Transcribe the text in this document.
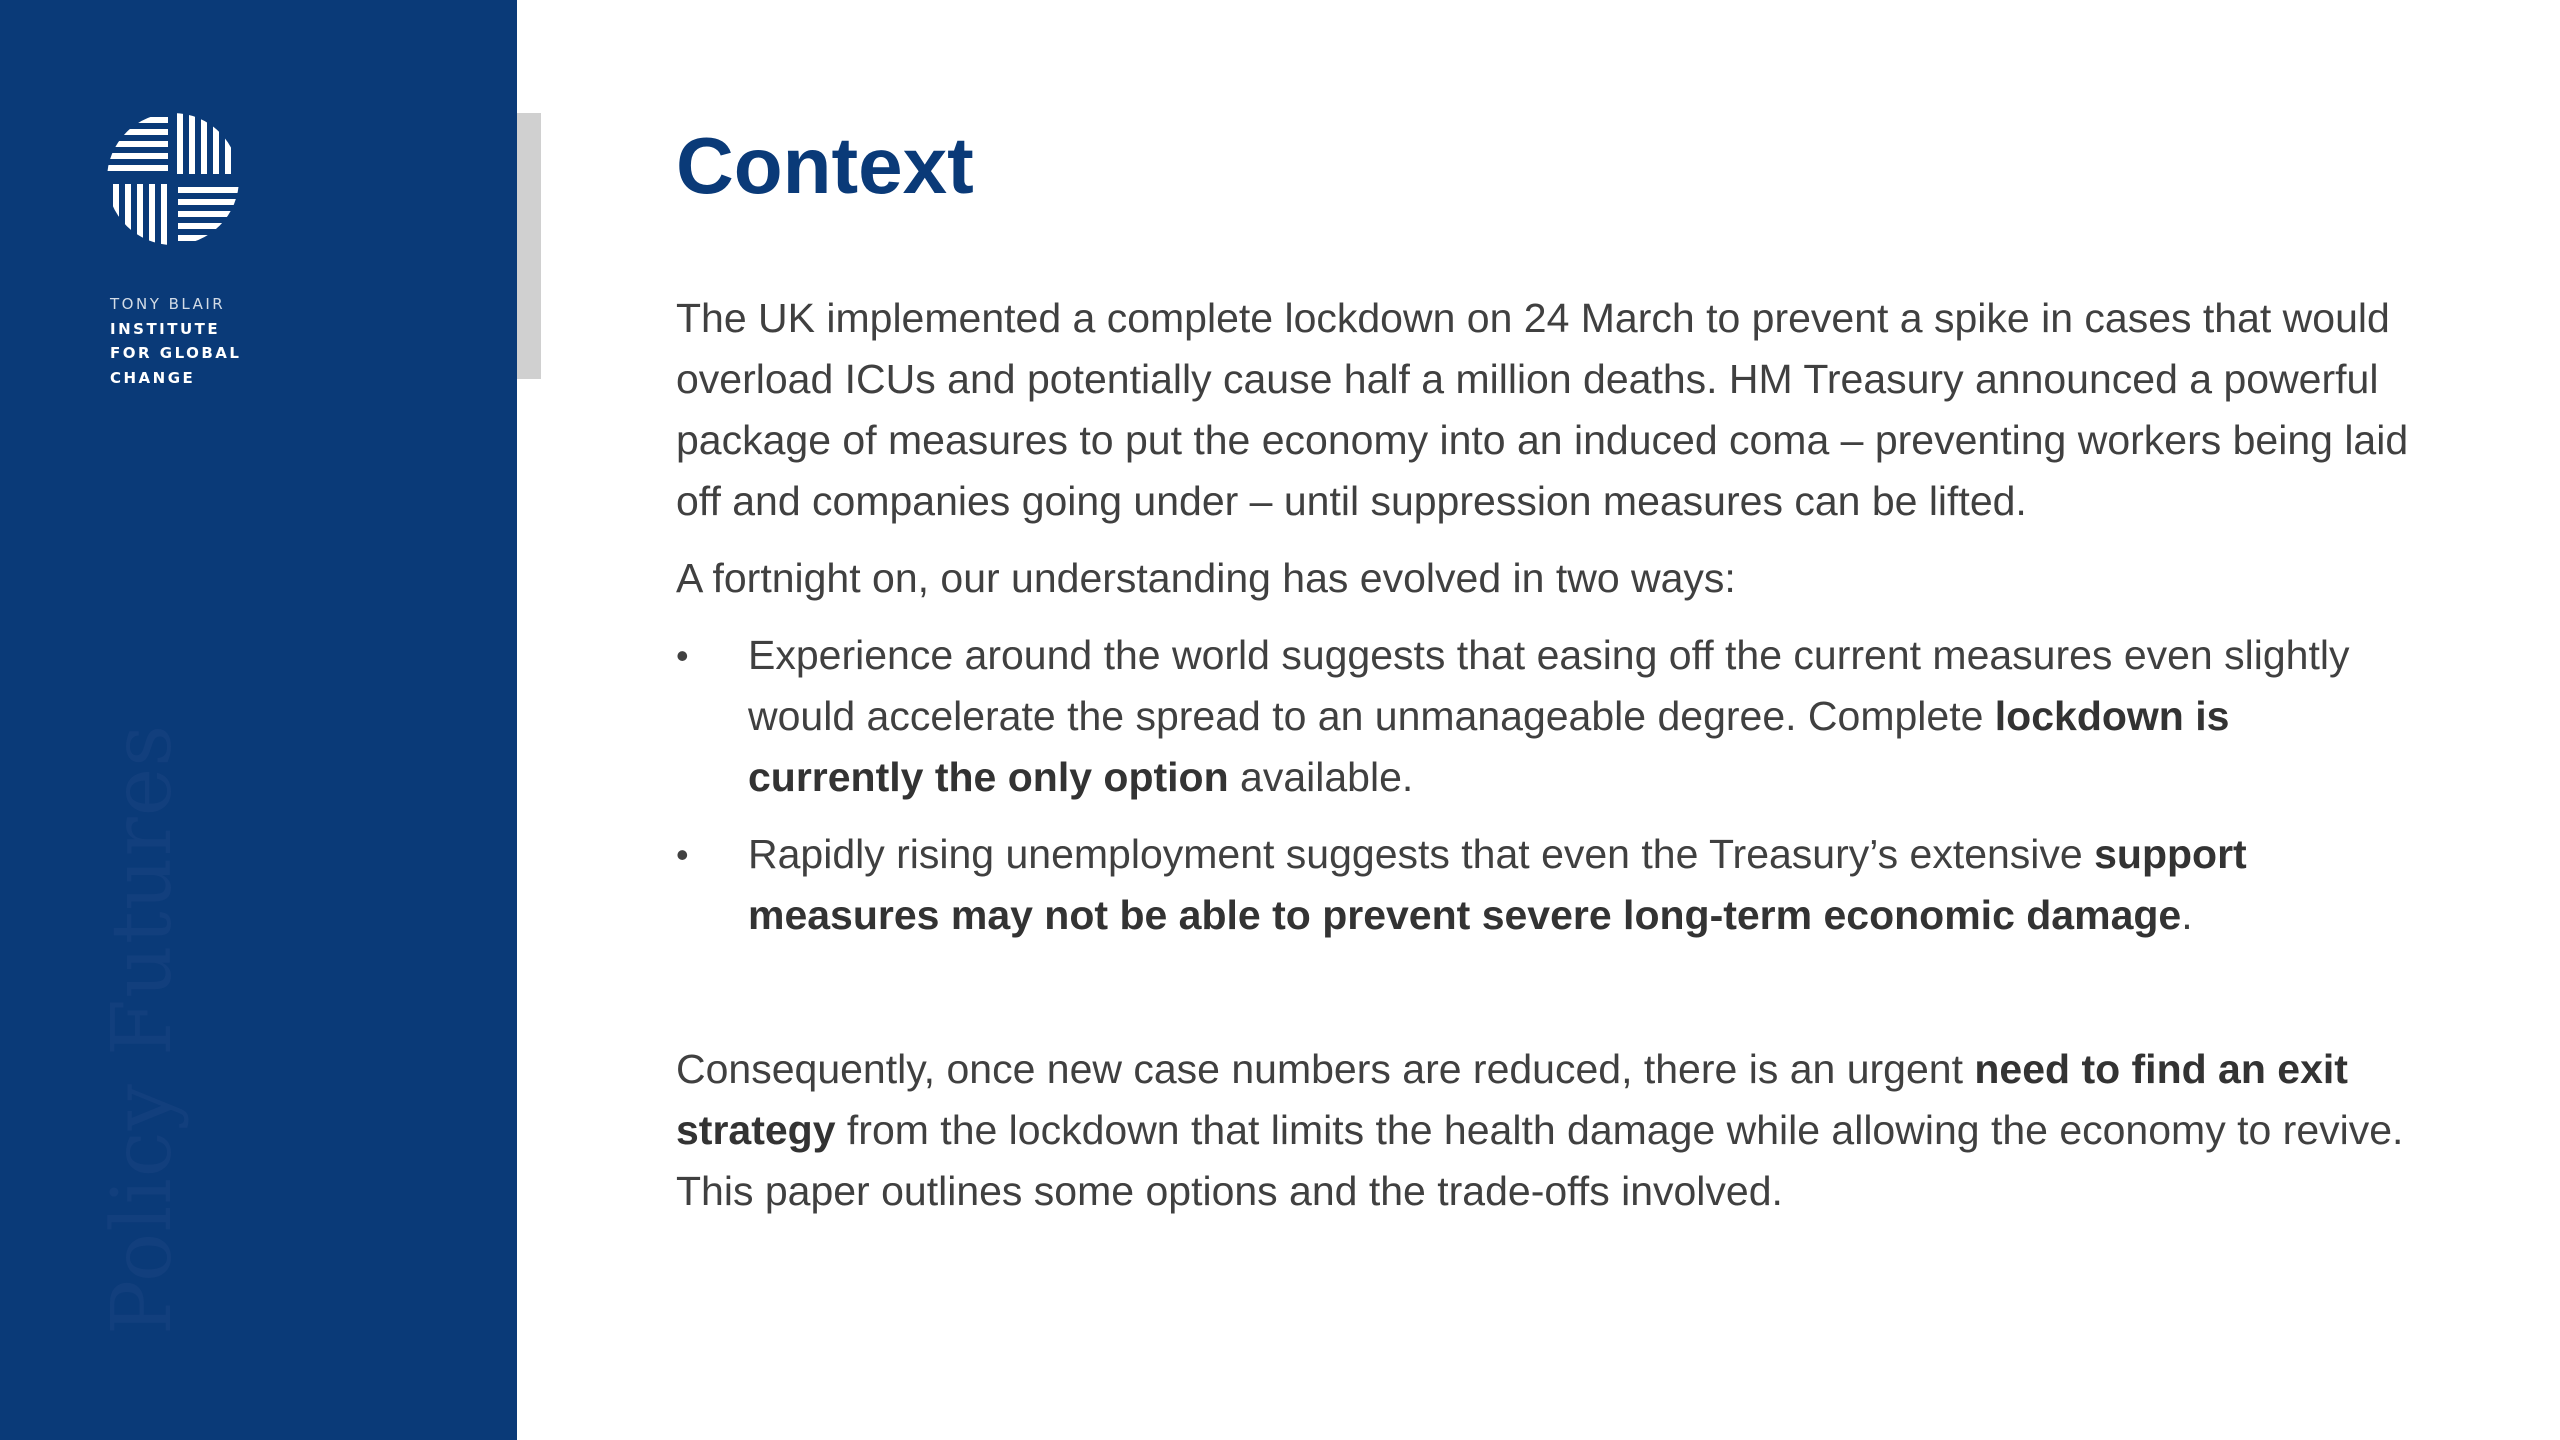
TONY BLAIR
INSTITUTE
FOR GLOBAL
CHANGE
Policy Futures
Context

The UK implemented a complete lockdown on 24 March to prevent a spike in cases that would overload ICUs and potentially cause half a million deaths. HM Treasury announced a powerful package of measures to put the economy into an induced coma – preventing workers being laid off and companies going under – until suppression measures can be lifted.

A fortnight on, our understanding has evolved in two ways:

• Experience around the world suggests that easing off the current measures even slightly would accelerate the spread to an unmanageable degree. Complete lockdown is currently the only option available.
• Rapidly rising unemployment suggests that even the Treasury’s extensive support measures may not be able to prevent severe long-term economic damage.

Consequently, once new case numbers are reduced, there is an urgent need to find an exit strategy from the lockdown that limits the health damage while allowing the economy to revive. This paper outlines some options and the trade-offs involved.
